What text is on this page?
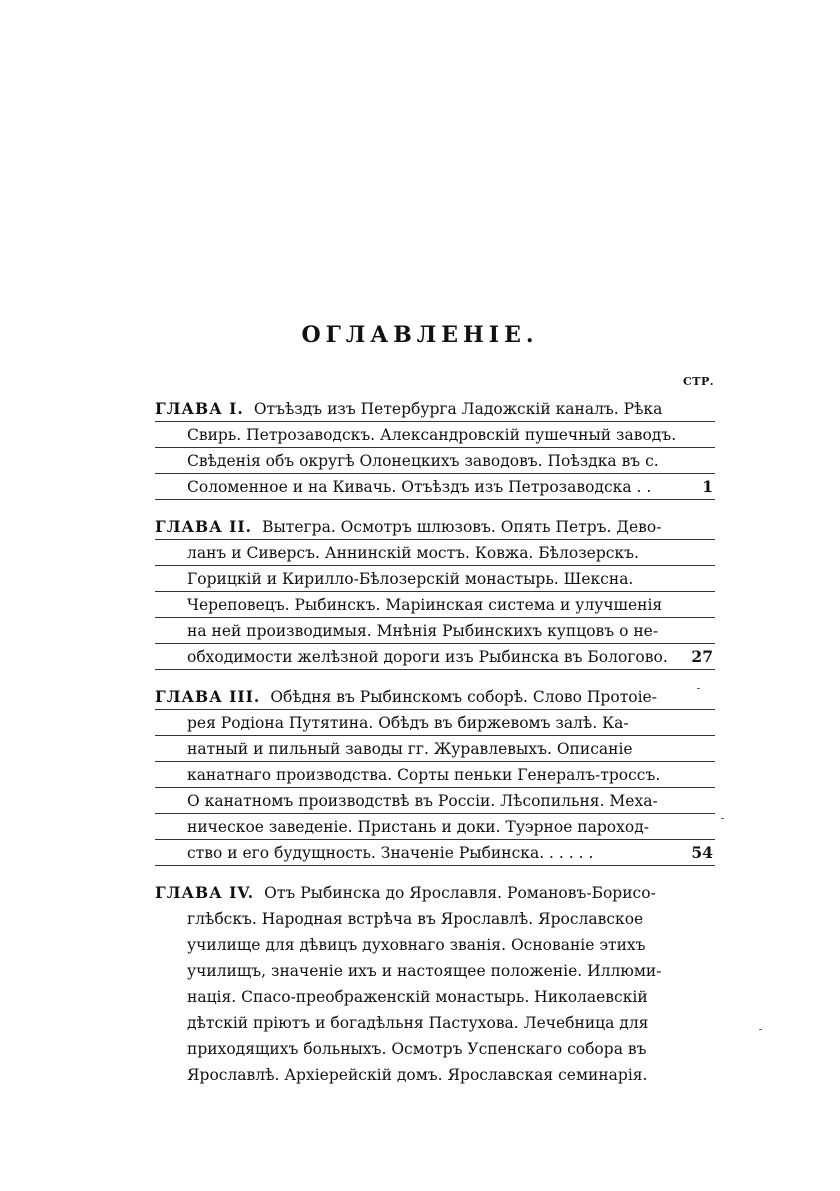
ОГЛАВЛЕНІЕ.
СТР.
ГЛАВА I. Отъѣздъ изъ Петербурга Ладожскій каналъ. Рѣка
Свирь. Петрозаводскъ. Александровскій пушечный заводъ.
Свѣденія объ округѣ Олонецкихъ заводовъ. Поѣздка въ с.
Соломенное и на Кивачь. Отъѣздъ изъ Петрозаводска . .	1
ГЛАВА II. Вытегра. Осмотръ шлюзовъ. Опять Петръ. Дево-
ланъ и Сиверсъ. Аннинскій мостъ. Ковжа. Бѣлозерскъ.
Горицкій и Кирилло-Бѣлозерскій монастырь. Шексна.
Череповецъ. Рыбинскъ. Маріинская система и улучшенія
на ней производимыя. Мнѣнія Рыбинскихъ купцовъ о не-
обходимости желѣзной дороги изъ Рыбинска въ Бологово. 27
ГЛАВА III. Обѣдня въ Рыбинскомъ соборѣ. Слово Протоіе-
рея Родіона Путятина. Обѣдъ въ биржевомъ залѣ. Ка-
натный и пильный заводы гг. Журавлевыхъ. Описаніе
канатнаго производства. Сорты пеньки Генералъ-троссъ.
О канатномъ производствѣ въ Россіи. Лѣсопильня. Меха-
ническое заведеніе. Пристань и доки. Туэрное пароход-
ство и его будущность. Значеніе Рыбинска. . . . . .	54
ГЛАВА IV. Отъ Рыбинска до Ярославля. Романовъ-Борисо-
глѣбскъ. Народная встрѣча въ Ярославлѣ. Ярославское
училище для дѣвицъ духовнаго званія. Основаніе этихъ
училищъ, значеніе ихъ и настоящее положеніе. Иллюми-
нація. Спасо-преображенскій монастырь. Николаевскій
дѣтскій пріютъ и богадѣльня Пастухова. Лечебница для
приходящихъ больныхъ. Осмотръ Успенскаго собора въ
Ярославлѣ. Архіерейскій домъ. Ярославская семинарія.
